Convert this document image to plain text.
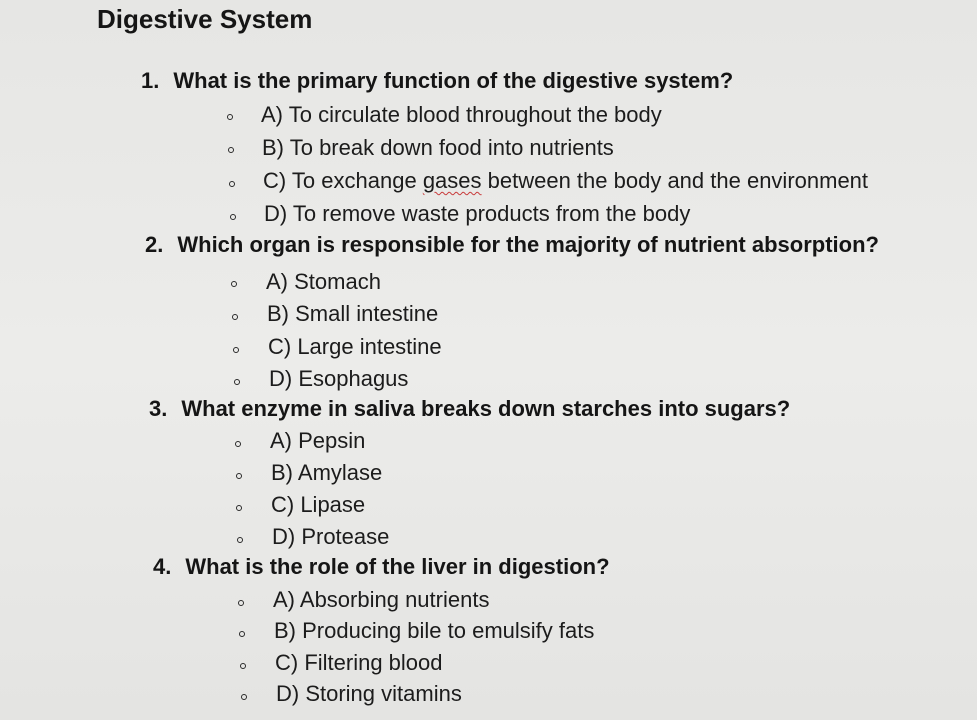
Digestive System
1. What is the primary function of the digestive system?
A) To circulate blood throughout the body
B) To break down food into nutrients
C) To exchange gases between the body and the environment
D) To remove waste products from the body
2. Which organ is responsible for the majority of nutrient absorption?
A) Stomach
B) Small intestine
C) Large intestine
D) Esophagus
3. What enzyme in saliva breaks down starches into sugars?
A) Pepsin
B) Amylase
C) Lipase
D) Protease
4. What is the role of the liver in digestion?
A) Absorbing nutrients
B) Producing bile to emulsify fats
C) Filtering blood
D) Storing vitamins
